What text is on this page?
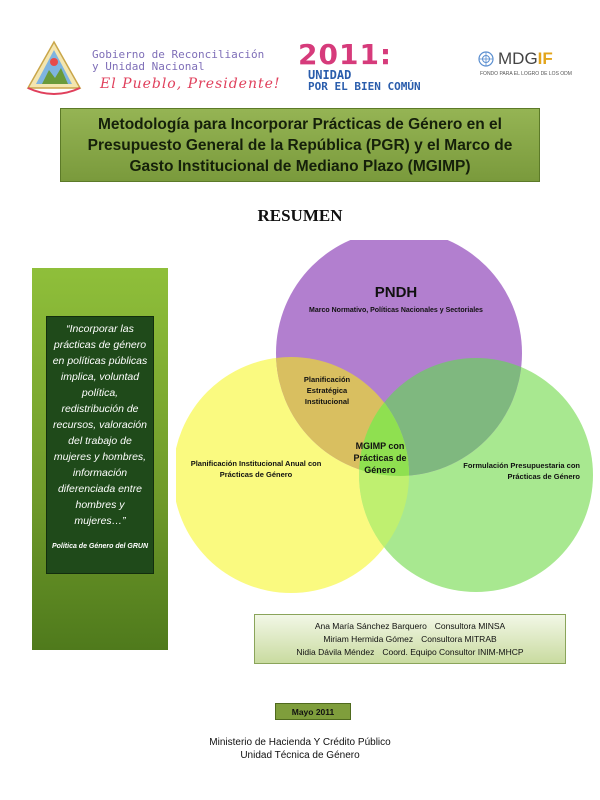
Gobierno de Reconciliación
y Unidad Nacional
El Pueblo, Presidente!
2011:
UNIDAD
POR EL BIEN COMÚN
MDGIF
FONDO PARA EL LOGRO DE LOS ODM
Metodología para Incorporar Prácticas de Género en el Presupuesto General de la República (PGR) y el Marco de Gasto Institucional de Mediano Plazo (MGIMP)
RESUMEN
“Incorporar las prácticas de género en políticas públicas implica, voluntad política, redistribución de recursos, valoración del trabajo de mujeres y hombres, información diferenciada entre hombres y mujeres…”
Política de Género del GRUN
PNDH
Marco Normativo, Políticas Nacionales y Sectoriales
Planificación Estratégica Institucional
MGIMP con Prácticas de Género
Planificación Institucional Anual con Prácticas de Género
Formulación Presupuestaria con Prácticas de Género
Ana María Sánchez Barquero Consultora MINSA
Miriam Hermida Gómez Consultora MITRAB
Nidia Dávila Méndez Coord. Equipo Consultor INIM-MHCP
Mayo 2011
Ministerio de Hacienda Y Crédito Público
Unidad Técnica de Género
